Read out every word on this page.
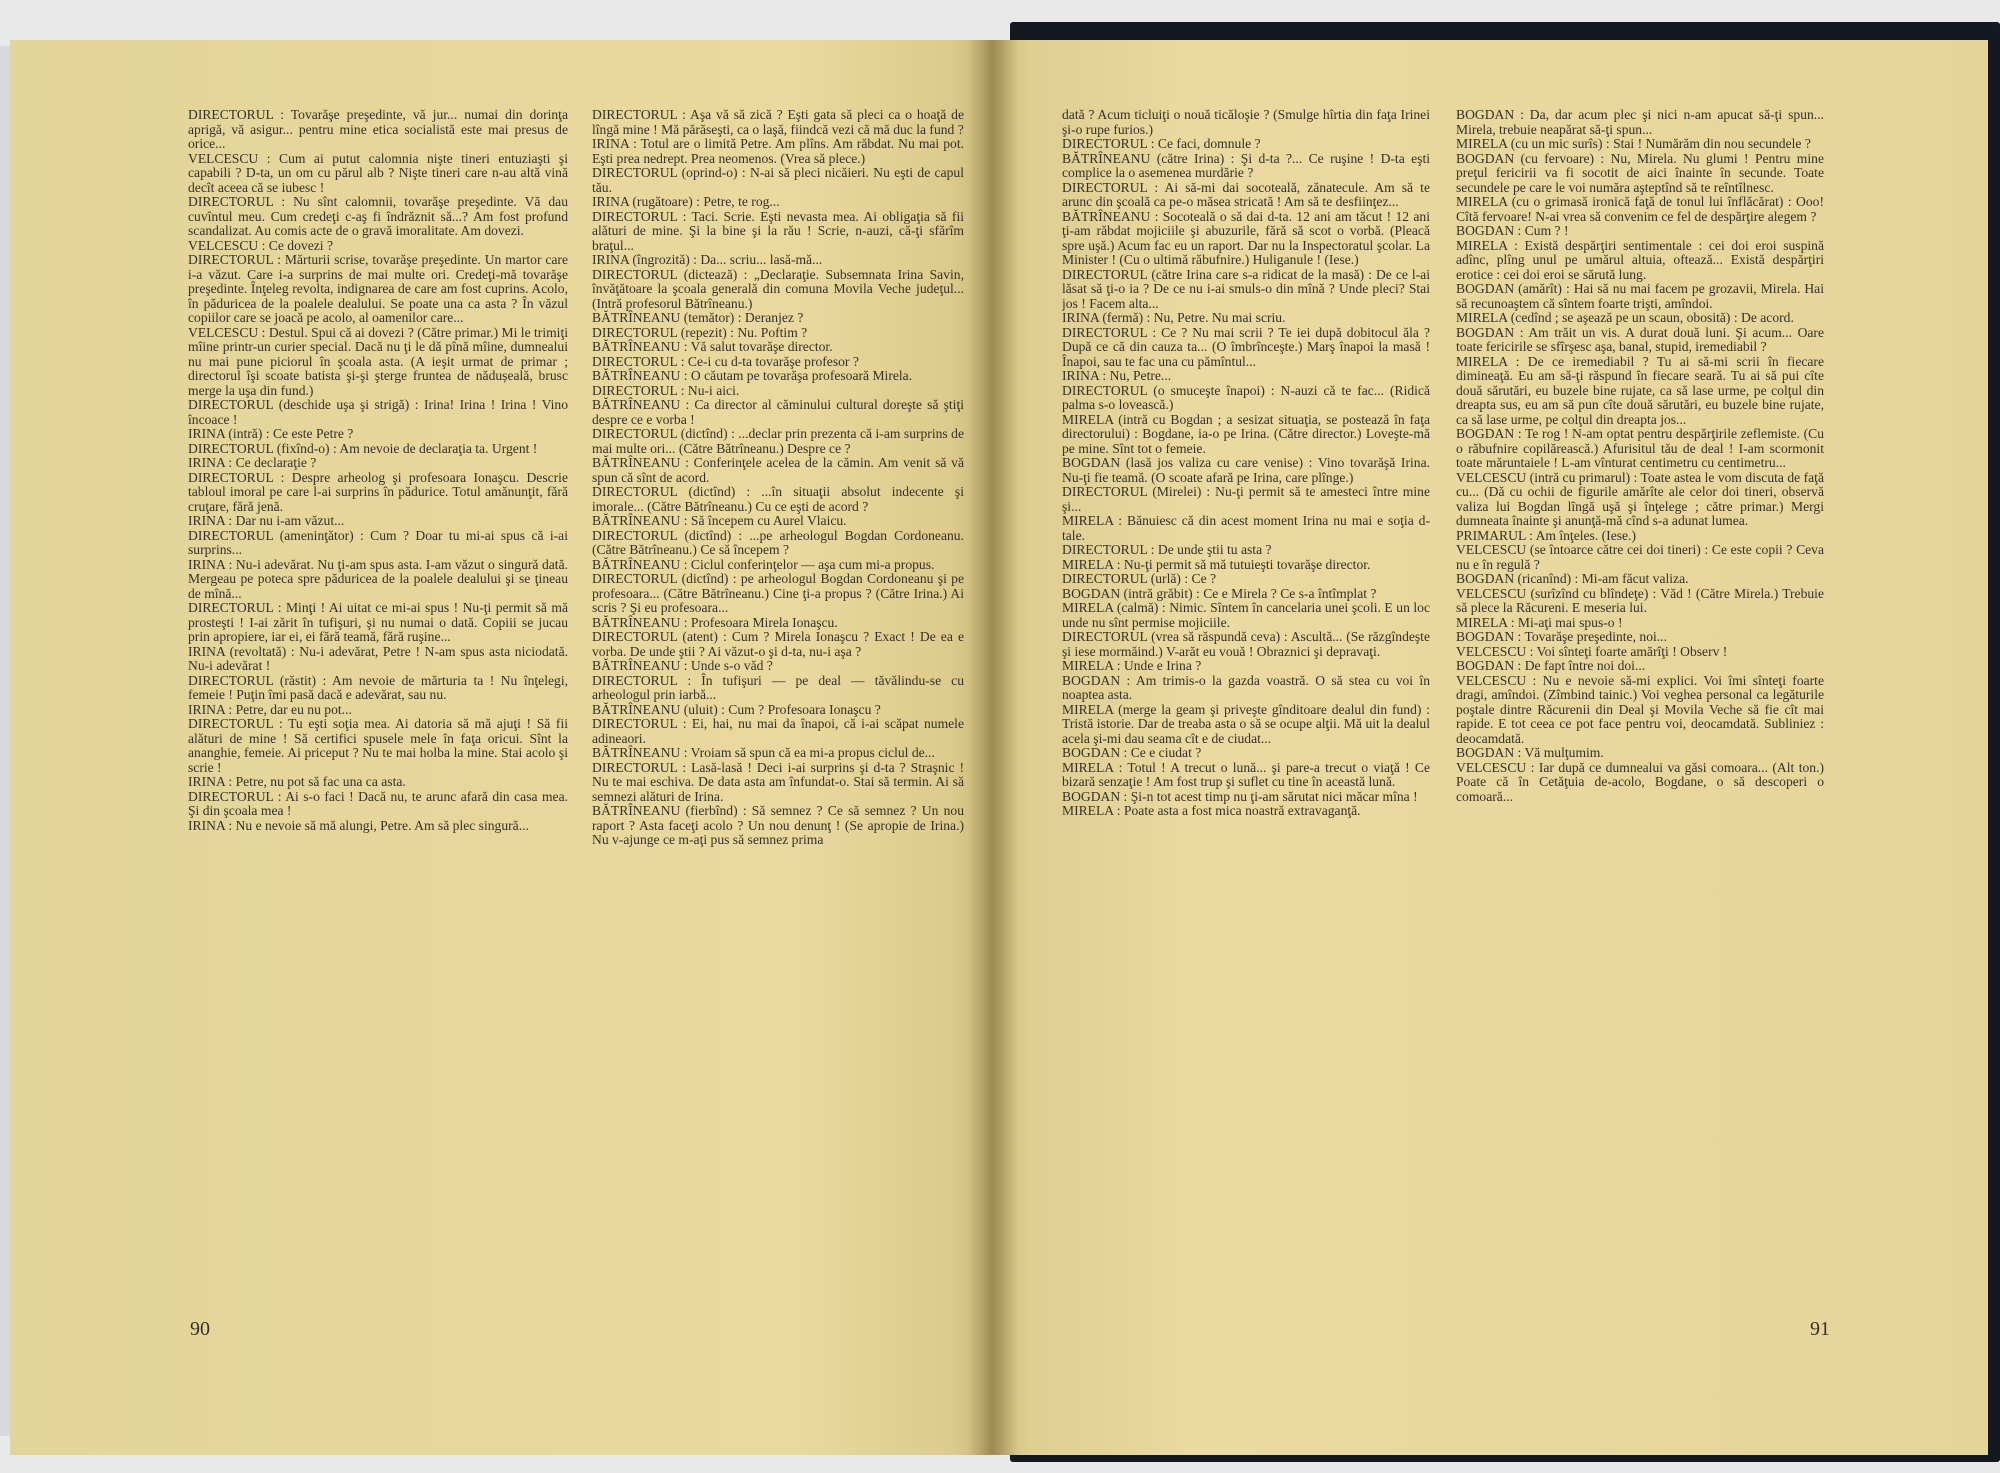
DIRECTORUL : Tovarăşe preşedinte, vă jur... numai din dorinţa aprigă, vă asigur... pentru mine etica socialistă este mai presus de orice...

VELCESCU : Cum ai putut calomnia nişte tineri entuziaşti şi capabili ? D-ta, un om cu părul alb ? Nişte tineri care n-au altă vină decît aceea că se iubesc !

DIRECTORUL : Nu sînt calomnii, tovarăşe preşedinte. Vă dau cuvîntul meu. Cum credeţi c-aş fi îndrăznit să...? Am fost profund scandalizat. Au comis acte de o gravă imoralitate. Am dovezi.

VELCESCU : Ce dovezi ?

DIRECTORUL : Mărturii scrise, tovarăşe preşedinte. Un martor care i-a văzut. Care i-a surprins de mai multe ori. Credeţi-mă tovarăşe preşedinte. Înţeleg revolta, indignarea de care am fost cuprins. Acolo, în păduricea de la poalele dealului. Se poate una ca asta ? În văzul copiilor care se joacă pe acolo, al oamenilor care...

VELCESCU : Destul. Spui că ai dovezi ? (Către primar.) Mi le trimiţi mîine printr-un curier special. Dacă nu ţi le dă pînă mîine, dumnealui nu mai pune piciorul în şcoala asta. (A ieşit urmat de primar ; directorul îşi scoate batista şi-şi şterge fruntea de nădușeală, brusc merge la uşa din fund.)

DIRECTORUL (deschide uşa şi strigă) : Irina! Irina ! Irina ! Vino încoace !

IRINA (intră) : Ce este Petre ?

DIRECTORUL (fixînd-o) : Am nevoie de declaraţia ta. Urgent !

IRINA : Ce declaraţie ?

DIRECTORUL : Despre arheolog şi profesoara Ionaşcu. Descrie tabloul imoral pe care l-ai surprins în pădurice. Totul amănunţit, fără cruţare, fără jenă.

IRINA : Dar nu i-am văzut...

DIRECTORUL (ameninţător) : Cum ? Doar tu mi-ai spus că i-ai surprins...

IRINA : Nu-i adevărat. Nu ţi-am spus asta. I-am văzut o singură dată. Mergeau pe poteca spre păduricea de la poalele dealului şi se ţineau de mînă...

DIRECTORUL : Minţi ! Ai uitat ce mi-ai spus ! Nu-ţi permit să mă prosteşti ! I-ai zărit în tufişuri, şi nu numai o dată. Copiii se jucau prin apropiere, iar ei, ei fără teamă, fără ruşine...

IRINA (revoltată) : Nu-i adevărat, Petre ! N-am spus asta niciodată. Nu-i adevărat !

DIRECTORUL (răstit) : Am nevoie de mărturia ta ! Nu înţelegi, femeie ! Puţin îmi pasă dacă e adevărat, sau nu.

IRINA : Petre, dar eu nu pot...

DIRECTORUL : Tu eşti soţia mea. Ai datoria să mă ajuţi ! Să fii alături de mine ! Să certifici spusele mele în faţa oricui. Sînt la ananghie, femeie. Ai priceput ? Nu te mai holba la mine. Stai acolo şi scrie !

IRINA : Petre, nu pot să fac una ca asta.

DIRECTORUL : Ai s-o faci ! Dacă nu, te arunc afară din casa mea. Şi din şcoala mea !

IRINA : Nu e nevoie să mă alungi, Petre. Am să plec singură...

DIRECTORUL : Aşa vă să zică ? Eşti gata să pleci ca o hoaţă de lîngă mine ! Mă părăseşti, ca o laşă, fiindcă vezi că mă duc la fund ?

IRINA : Totul are o limită Petre. Am plîns. Am răbdat. Nu mai pot. Eşti prea nedrept. Prea neomenos. (Vrea să plece.)

DIRECTORUL (oprind-o) : N-ai să pleci nicăieri. Nu eşti de capul tău.

IRINA (rugătoare) : Petre, te rog...

DIRECTORUL : Taci. Scrie. Eşti nevasta mea. Ai obligaţia să fii alături de mine. Şi la bine şi la rău ! Scrie, n-auzi, că-ţi sfărîm braţul...

IRINA (îngrozită) : Da... scriu... lasă-mă...

DIRECTORUL (dictează) : „Declaraţie. Subsemnata Irina Savin, învăţătoare la şcoala generală din comuna Movila Veche judeţul... (Intră profesorul Bătrîneanu.)

BĂTRÎNEANU (temător) : Deranjez ?

DIRECTORUL (repezit) : Nu. Poftim ?

BĂTRÎNEANU : Vă salut tovarăşe director.

DIRECTORUL : Ce-i cu d-ta tovarăşe profesor ?

BĂTRÎNEANU : O căutam pe tovarăşa profesoară Mirela.

DIRECTORUL : Nu-i aici.

BĂTRÎNEANU : Ca director al căminului cultural doreşte să ştiţi despre ce e vorba !

DIRECTORUL (dictînd) : ...declar prin prezenta că i-am surprins de mai multe ori... (Către Bătrîneanu.) Despre ce ?

BĂTRÎNEANU : Conferinţele acelea de la cămin. Am venit să vă spun că sînt de acord.

DIRECTORUL (dictînd) : ...în situaţii absolut indecente şi imorale... (Către Bătrîneanu.) Cu ce eşti de acord ?

BĂTRÎNEANU : Să începem cu Aurel Vlaicu.

DIRECTORUL (dictînd) : ...pe arheologul Bogdan Cordoneanu. (Către Bătrîneanu.) Ce să începem ?

BĂTRÎNEANU : Ciclul conferinţelor — aşa cum mi-a propus.

DIRECTORUL (dictînd) : pe arheologul Bogdan Cordoneanu şi pe profesoara... (Către Bătrîneanu.) Cine ţi-a propus ? (Către Irina.) Ai scris ? Şi eu profesoara...

BĂTRÎNEANU : Profesoara Mirela Ionaşcu.

DIRECTORUL (atent) : Cum ? Mirela Ionaşcu ? Exact ! De ea e vorba. De unde ştii ? Ai văzut-o şi d-ta, nu-i aşa ?

BĂTRÎNEANU : Unde s-o văd ?

DIRECTORUL : În tufişuri — pe deal — tăvălindu-se cu arheologul prin iarbă...

BĂTRÎNEANU (uluit) : Cum ? Profesoara Ionaşcu ?

DIRECTORUL : Ei, hai, nu mai da înapoi, că i-ai scăpat numele adineaori.

BĂTRÎNEANU : Vroiam să spun că ea mi-a propus ciclul de...

DIRECTORUL : Lasă-lasă ! Deci i-ai surprins şi d-ta ? Straşnic ! Nu te mai eschiva. De data asta am înfundat-o. Stai să termin. Ai să semnezi alături de Irina.

BĂTRÎNEANU (fierbînd) : Să semnez ? Ce să semnez ? Un nou raport ? Asta faceţi acolo ? Un nou denunţ ! (Se apropie de Irina.) Nu v-ajunge ce m-aţi pus să semnez prima

90

dată ? Acum ticluiţi o nouă ticăloşie ? (Smulge hîrtia din faţa Irinei şi-o rupe furios.)

DIRECTORUL : Ce faci, domnule ?

BĂTRÎNEANU (către Irina) : Şi d-ta ?... Ce ruşine ! D-ta eşti complice la o asemenea murdărie ?

DIRECTORUL : Ai să-mi dai socoteală, zănatecule. Am să te arunc din şcoală ca pe-o măsea stricată ! Am să te desfiinţez...

BĂTRÎNEANU : Socoteală o să dai d-ta. 12 ani am tăcut ! 12 ani ţi-am răbdat mojiciile şi abuzurile, fără să scot o vorbă. (Pleacă spre uşă.) Acum fac eu un raport. Dar nu la Inspectoratul şcolar. La Minister ! (Cu o ultimă răbufnire.) Huliganule ! (Iese.)

DIRECTORUL (către Irina care s-a ridicat de la masă) : De ce l-ai lăsat să ţi-o ia ? De ce nu i-ai smuls-o din mînă ? Unde pleci? Stai jos ! Facem alta...

IRINA (fermă) : Nu, Petre. Nu mai scriu.

DIRECTORUL : Ce ? Nu mai scrii ? Te iei după dobitocul ăla ? După ce că din cauza ta... (O îmbrînceşte.) Marş înapoi la masă ! Înapoi, sau te fac una cu pămîntul...

IRINA : Nu, Petre...

DIRECTORUL (o smuceşte înapoi) : N-auzi că te fac... (Ridică palma s-o lovească.)

MIRELA (intră cu Bogdan ; a sesizat situaţia, se postează în faţa directorului) : Bogdane, ia-o pe Irina. (Către director.) Loveşte-mă pe mine. Sînt tot o femeie.

BOGDAN (lasă jos valiza cu care venise) : Vino tovarăşă Irina. Nu-ţi fie teamă. (O scoate afară pe Irina, care plînge.)

DIRECTORUL (Mirelei) : Nu-ţi permit să te amesteci între mine şi...

MIRELA : Bănuiesc că din acest moment Irina nu mai e soţia d-tale.

DIRECTORUL : De unde ştii tu asta ?

MIRELA : Nu-ţi permit să mă tutuieşti tovarăşe director.

DIRECTORUL (urlă) : Ce ?

BOGDAN (intră grăbit) : Ce e Mirela ? Ce s-a întîmplat ?

MIRELA (calmă) : Nimic. Sîntem în cancelaria unei şcoli. E un loc unde nu sînt permise mojiciile.

DIRECTORUL (vrea să răspundă ceva) : Ascultă... (Se răzgîndeşte şi iese mormăind.) V-arăt eu vouă ! Obraznici şi depravaţi.

MIRELA : Unde e Irina ?

BOGDAN : Am trimis-o la gazda voastră. O să stea cu voi în noaptea asta.

MIRELA (merge la geam şi priveşte gînditoare dealul din fund) : Tristă istorie. Dar de treaba asta o să se ocupe alţii. Mă uit la dealul acela şi-mi dau seama cît e de ciudat...

BOGDAN : Ce e ciudat ?

MIRELA : Totul ! A trecut o lună... şi pare-a trecut o viaţă ! Ce bizară senzaţie ! Am fost trup şi suflet cu tine în această lună.

BOGDAN : Şi-n tot acest timp nu ţi-am sărutat nici măcar mîna !

MIRELA : Poate asta a fost mica noastră extravaganţă.

BOGDAN : Da, dar acum plec şi nici n-am apucat să-ţi spun... Mirela, trebuie neapărat să-ţi spun...

MIRELA (cu un mic surîs) : Stai ! Numărăm din nou secundele ?

BOGDAN (cu fervoare) : Nu, Mirela. Nu glumi ! Pentru mine preţul fericirii va fi socotit de aici înainte în secunde. Toate secundele pe care le voi număra aşteptînd să te reîntîlnesc.

MIRELA (cu o grimasă ironică faţă de tonul lui înflăcărat) : Ooo! Cîtă fervoare! N-ai vrea să convenim ce fel de despărţire alegem ?

BOGDAN : Cum ? !

MIRELA : Există despărţiri sentimentale : cei doi eroi suspină adînc, plîng unul pe umărul altuia, oftează... Există despărţiri erotice : cei doi eroi se sărută lung.

BOGDAN (amărît) : Hai să nu mai facem pe grozavii, Mirela. Hai să recunoaştem că sîntem foarte trişti, amîndoi.

MIRELA (cedînd ; se aşează pe un scaun, obosită) : De acord.

BOGDAN : Am trăit un vis. A durat două luni. Şi acum... Oare toate fericirile se sfîrşesc aşa, banal, stupid, iremediabil ?

MIRELA : De ce iremediabil ? Tu ai să-mi scrii în fiecare dimineaţă. Eu am să-ţi răspund în fiecare seară. Tu ai să pui cîte două sărutări, eu buzele bine rujate, ca să lase urme, pe colţul din dreapta sus, eu am să pun cîte două sărutări, eu buzele bine rujate, ca să lase urme, pe colţul din dreapta jos...

BOGDAN : Te rog ! N-am optat pentru despărţirile zeflemiste. (Cu o răbufnire copilărească.) Afurisitul tău de deal ! I-am scormonit toate măruntaiele ! L-am vînturat centimetru cu centimetru...

VELCESCU (intră cu primarul) : Toate astea le vom discuta de faţă cu... (Dă cu ochii de figurile amărîte ale celor doi tineri, observă valiza lui Bogdan lîngă uşă şi înţelege ; către primar.) Mergi dumneata înainte şi anunţă-mă cînd s-a adunat lumea.

PRIMARUL : Am înţeles. (Iese.)

VELCESCU (se întoarce către cei doi tineri) : Ce este copii ? Ceva nu e în regulă ?

BOGDAN (ricanînd) : Mi-am făcut valiza.

VELCESCU (surîzînd cu blîndeţe) : Văd ! (Către Mirela.) Trebuie să plece la Răcureni. E meseria lui.

MIRELA : Mi-aţi mai spus-o !

BOGDAN : Tovarăşe preşedinte, noi...

VELCESCU : Voi sînteţi foarte amărîţi ! Observ !

BOGDAN : De fapt între noi doi...

VELCESCU : Nu e nevoie să-mi explici. Voi îmi sînteţi foarte dragi, amîndoi. (Zîmbind tainic.) Voi veghea personal ca legăturile poştale dintre Răcurenii din Deal şi Movila Veche să fie cît mai rapide. E tot ceea ce pot face pentru voi, deocamdată. Subliniez : deocamdată.

BOGDAN : Vă mulţumim.

VELCESCU : Iar după ce dumnealui va găsi comoara... (Alt ton.) Poate că în Cetăţuia de-acolo, Bogdane, o să descoperi o comoară...

91
